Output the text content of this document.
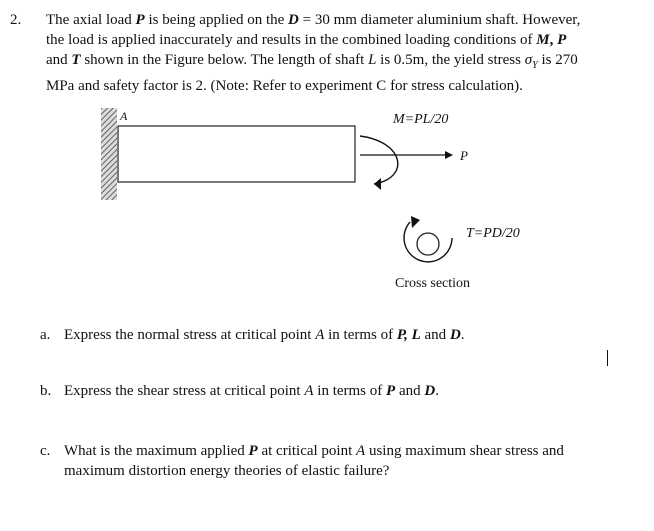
2. The axial load P is being applied on the D = 30 mm diameter aluminium shaft. However,
the load is applied inaccurately and results in the combined loading conditions of M, P
and T shown in the Figure below. The length of shaft L is 0.5m, the yield stress $\sigma_Y$ is 270
MPa and safety factor is 2. (Note: Refer to experiment C for stress calculation).
A	M=PL/20
P
T=PD/20
Cross section
a. Express the normal stress at critical point A in terms of P, L and D.
b. Express the shear stress at critical point A in terms of P and D.
c. What is the maximum applied P at critical point A using maximum shear stress and
maximum distortion energy theories of elastic failure?
